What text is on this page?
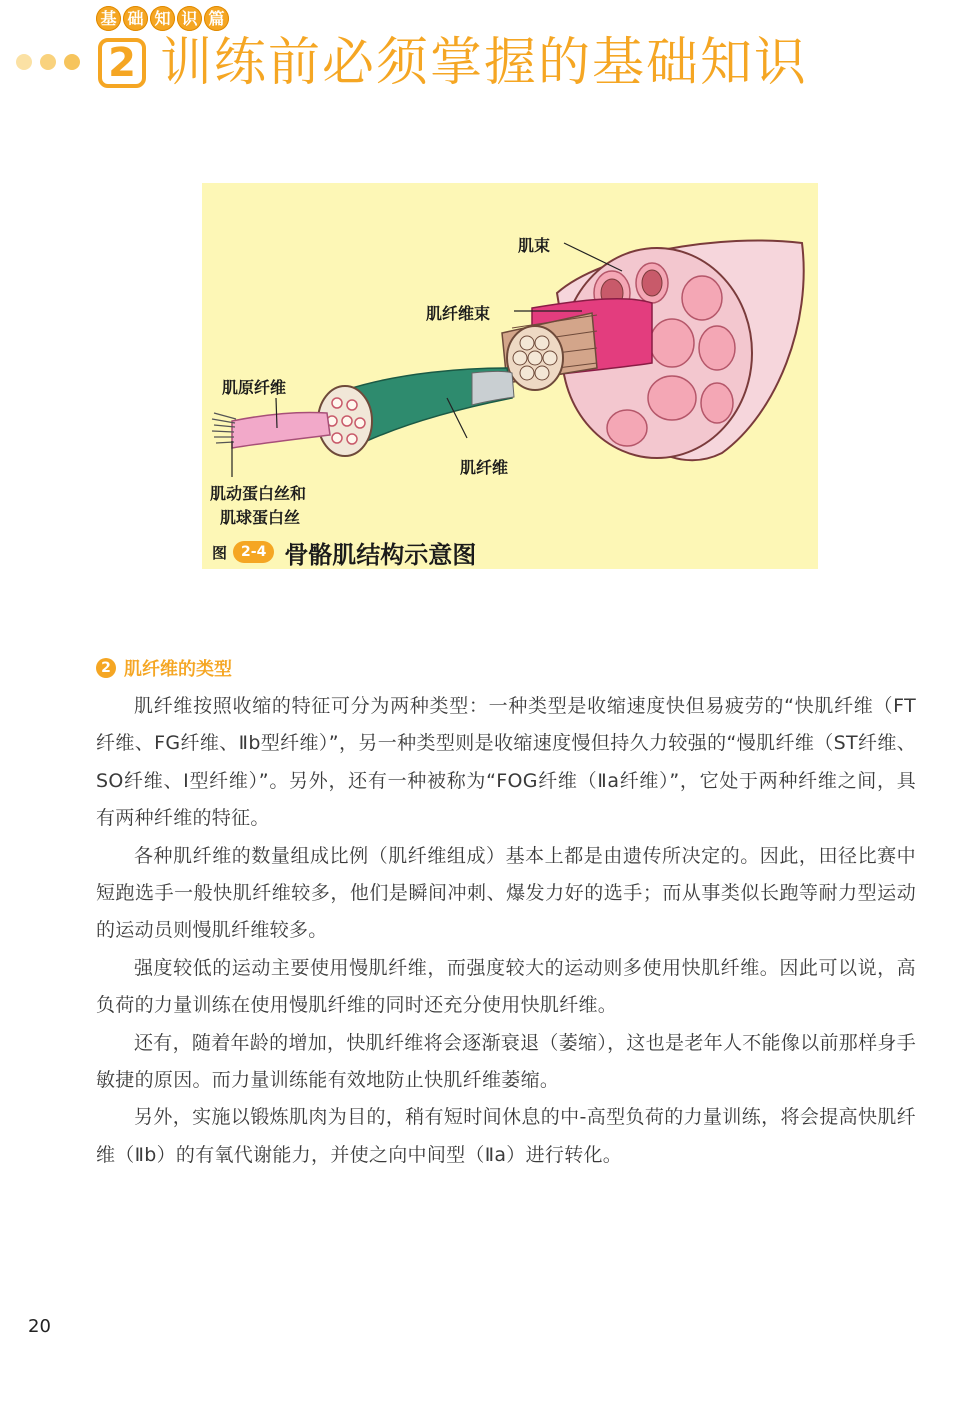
基 础 知 识 篇
2 训练前必须掌握的基础知识
肌束
肌纤维束
肌原纤维
肌纤维
肌动蛋白丝和
肌球蛋白丝
图	2-4 骨骼肌结构示意图
2 肌纤维的类型

肌纤维按照收缩的特征可分为两种类型：一种类型是收缩速度快但易疲劳的“快肌纤维（FT纤维、FG纤维、Ⅱb型纤维）”，另一种类型则是收缩速度慢但持久力较强的“慢肌纤维（ST纤维、SO纤维、Ⅰ型纤维）”。另外，还有一种被称为“FOG纤维（Ⅱa纤维）”，它处于两种纤维之间，具有两种纤维的特征。

各种肌纤维的数量组成比例（肌纤维组成）基本上都是由遗传所决定的。因此，田径比赛中短跑选手一般快肌纤维较多，他们是瞬间冲刺、爆发力好的选手；而从事类似长跑等耐力型运动的运动员则慢肌纤维较多。

强度较低的运动主要使用慢肌纤维，而强度较大的运动则多使用快肌纤维。因此可以说，高负荷的力量训练在使用慢肌纤维的同时还充分使用快肌纤维。

还有，随着年龄的增加，快肌纤维将会逐渐衰退（萎缩），这也是老年人不能像以前那样身手敏捷的原因。而力量训练能有效地防止快肌纤维萎缩。

另外，实施以锻炼肌肉为目的，稍有短时间休息的中-高型负荷的力量训练，将会提高快肌纤维（Ⅱb）的有氧代谢能力，并使之向中间型（Ⅱa）进行转化。

20
